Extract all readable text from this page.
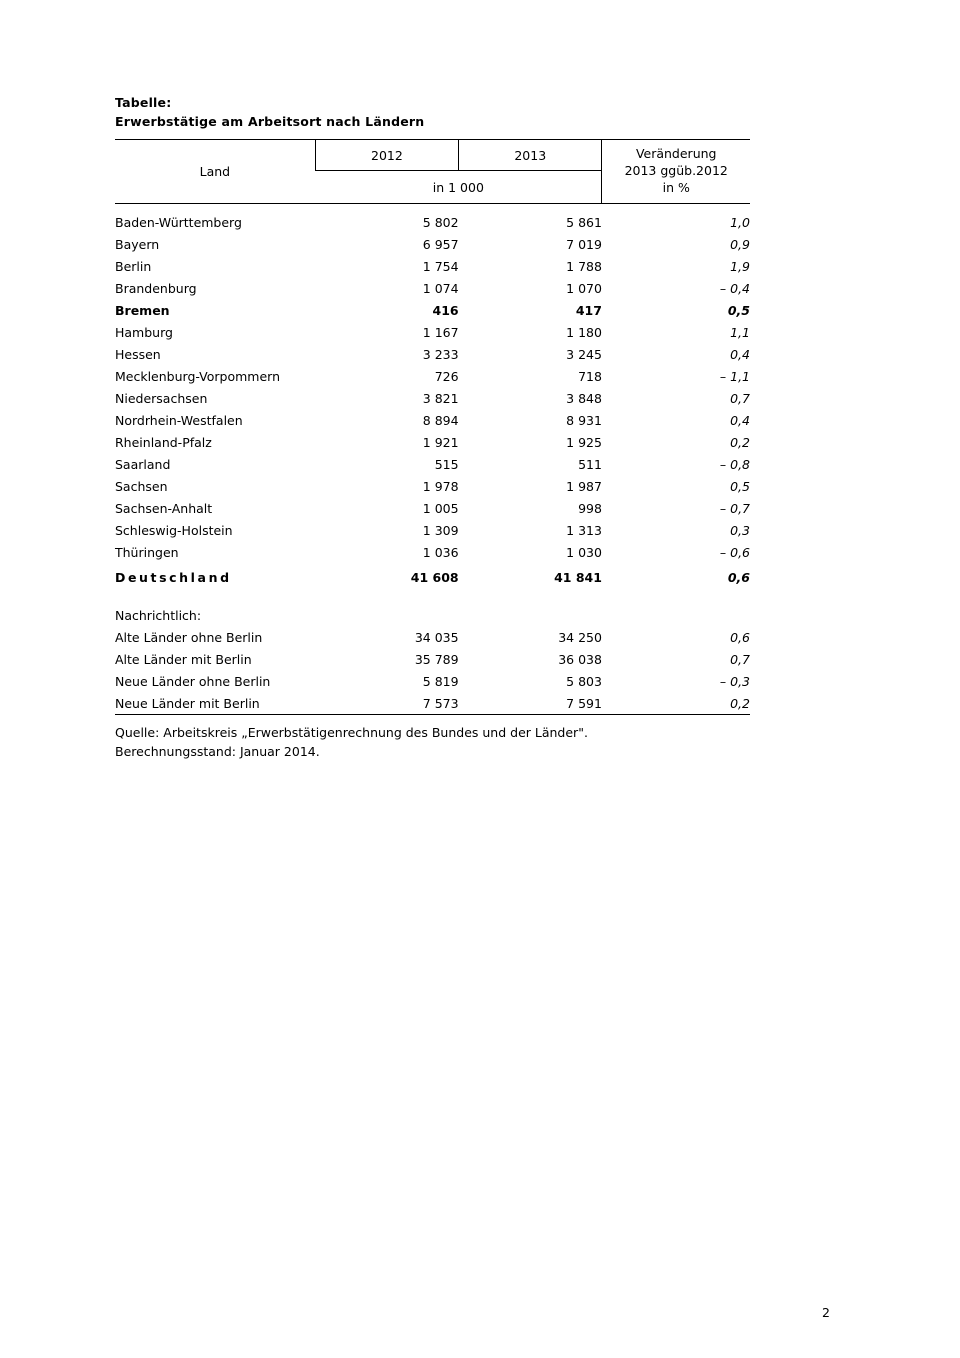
Tabelle:
Erwerbstätige am Arbeitsort nach Ländern
Land	2012	2013	Veränderung
2013 ggüb.2012
in %
	in 1 000		
Baden-Württemberg	5 802	5 861	1,0
Bayern	6 957	7 019	0,9
Berlin	1 754	1 788	1,9
Brandenburg	1 074	1 070	– 0,4
Bremen	416	417	0,5
Hamburg	1 167	1 180	1,1
Hessen	3 233	3 245	0,4
Mecklenburg-Vorpommern	726	718	– 1,1
Niedersachsen	3 821	3 848	0,7
Nordrhein-Westfalen	8 894	8 931	0,4
Rheinland-Pfalz	1 921	1 925	0,2
Saarland	515	511	– 0,8
Sachsen	1 978	1 987	0,5
Sachsen-Anhalt	1 005	998	– 0,7
Schleswig-Holstein	1 309	1 313	0,3
Thüringen	1 036	1 030	– 0,6
Deutschland	41 608	41 841	0,6
Nachrichtlich:			
Alte Länder ohne Berlin	34 035	34 250	0,6
Alte Länder mit Berlin	35 789	36 038	0,7
Neue Länder ohne Berlin	5 819	5 803	– 0,3
Neue Länder mit Berlin	7 573	7 591	0,2
Quelle: Arbeitskreis „Erwerbstätigenrechnung des Bundes und der Länder".
Berechnungsstand: Januar 2014.
2
